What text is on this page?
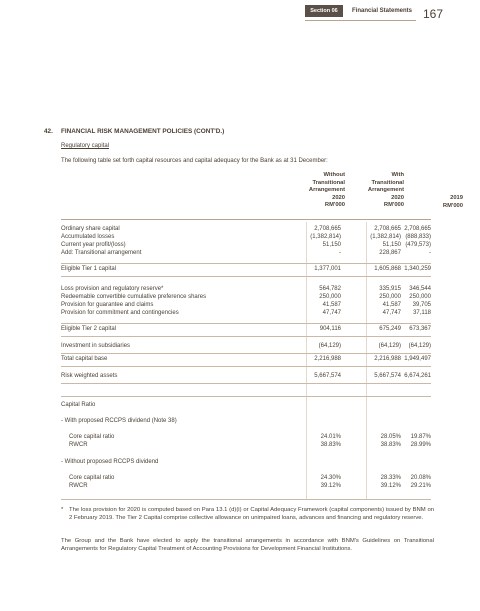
Section 06	Financial Statements 167
42. FINANCIAL RISK MANAGEMENT POLICIES (CONT'D.)
Regulatory capital
The following table set forth capital resources and capital adequacy for the Bank as at 31 December:
Without
Transitional
Arrangement
2020
RM'000
With
Transitional
Arrangement
2020
RM'000
2019
RM'000
Ordinary share capital	2,708,665	2,708,665 2,708,665
Accumulated losses	(1,382,814)	(1,382,814) (888,833)
Current year profit/(loss)	51,150	51,150 (479,573)
Add: Transitional arrangement	-	228,867	-
Eligible Tier 1 capital	1,377,001	1,605,868 1,340,259
Loss provision and regulatory reserve*	564,782	335,915	346,544
Redeemable convertible cumulative preference shares	250,000	250,000	250,000
Provision for guarantee and claims	41,587	41,587	39,705
Provision for commitment and contingencies	47,747	47,747	37,118
Eligible Tier 2 capital	904,116	675,249	673,367
Investment in subsidiaries	(64,129)	(64,129)	(64,129)
Total capital base	2,216,988	2,216,988 1,949,497
Risk weighted assets	5,667,574	5,667,574 6,674,261
Capital Ratio
- With proposed RCCPS dividend (Note 38)
Core capital ratio	24.01%	28.05%	19.87%
RWCR	38.83%	38.83%	28.99%
- Without proposed RCCPS dividend
Core capital ratio	24.30%	28.33%	20.08%
RWCR	39.12%	39.12%	29.21%
* The loss provision for 2020 is computed based on Para 13.1 (d)(i) or Capital Adequacy Framework (capital components) issued by BNM on 2 February 2019. The Tier 2 Capital comprise collective allowance on unimpaired loans, advances and financing and regulatory reserve.
The Group and the Bank have elected to apply the transitional arrangements in accordance with BNM's Guidelines on Transitional Arrangements for Regulatory Capital Treatment of Accounting Provisions for Development Financial Institutions.
